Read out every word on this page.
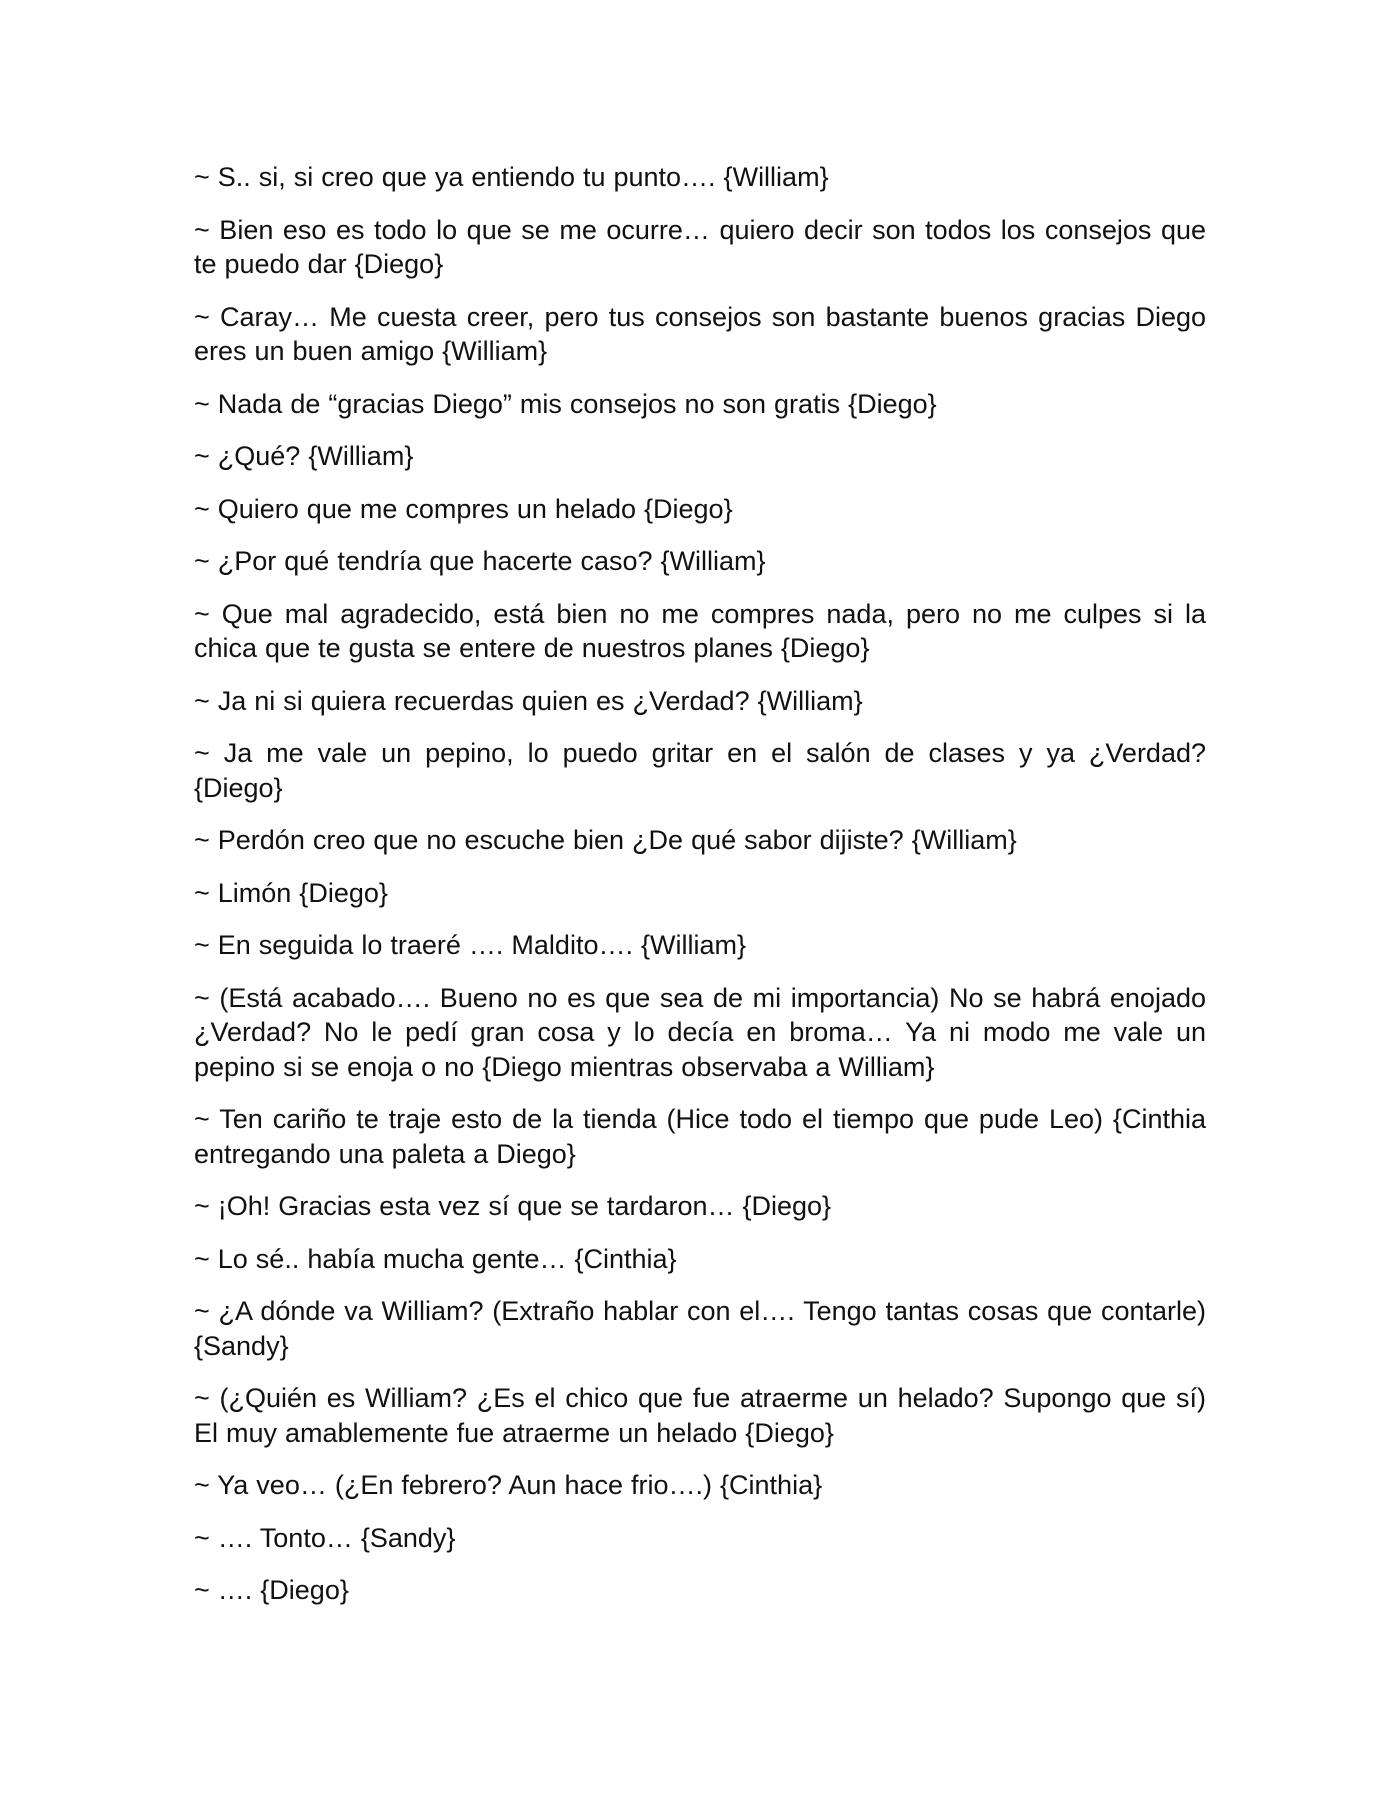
~ S.. si, si creo que ya entiendo tu punto…. {William}

~ Bien eso es todo lo que se me ocurre… quiero decir son todos los consejos que te puedo dar {Diego}

~ Caray… Me cuesta creer, pero tus consejos son bastante buenos gracias Diego eres un buen amigo {William}

~ Nada de “gracias Diego” mis consejos no son gratis {Diego}

~ ¿Qué? {William}

~ Quiero que me compres un helado {Diego}

~ ¿Por qué tendría que hacerte caso? {William}

~ Que mal agradecido, está bien no me compres nada, pero no me culpes si la chica que te gusta se entere de nuestros planes {Diego}

~ Ja ni si quiera recuerdas quien es ¿Verdad? {William}

~ Ja me vale un pepino, lo puedo gritar en el salón de clases y ya ¿Verdad? {Diego}

~ Perdón creo que no escuche bien ¿De qué sabor dijiste? {William}

~ Limón {Diego}

~ En seguida lo traeré …. Maldito…. {William}

~ (Está acabado…. Bueno no es que sea de mi importancia) No se habrá enojado ¿Verdad? No le pedí gran cosa y lo decía en broma… Ya ni modo me vale un pepino si se enoja o no {Diego mientras observaba a William}

~ Ten cariño te traje esto de la tienda (Hice todo el tiempo que pude Leo) {Cinthia entregando una paleta a Diego}

~ ¡Oh! Gracias esta vez sí que se tardaron… {Diego}

~ Lo sé.. había mucha gente… {Cinthia}

~ ¿A dónde va William? (Extraño hablar con el…. Tengo tantas cosas que contarle) {Sandy}

~ (¿Quién es William? ¿Es el chico que fue atraerme un helado? Supongo que sí) El muy amablemente fue atraerme un helado {Diego}

~ Ya veo… (¿En febrero? Aun hace frio….) {Cinthia}

~ …. Tonto… {Sandy}

~ …. {Diego}
